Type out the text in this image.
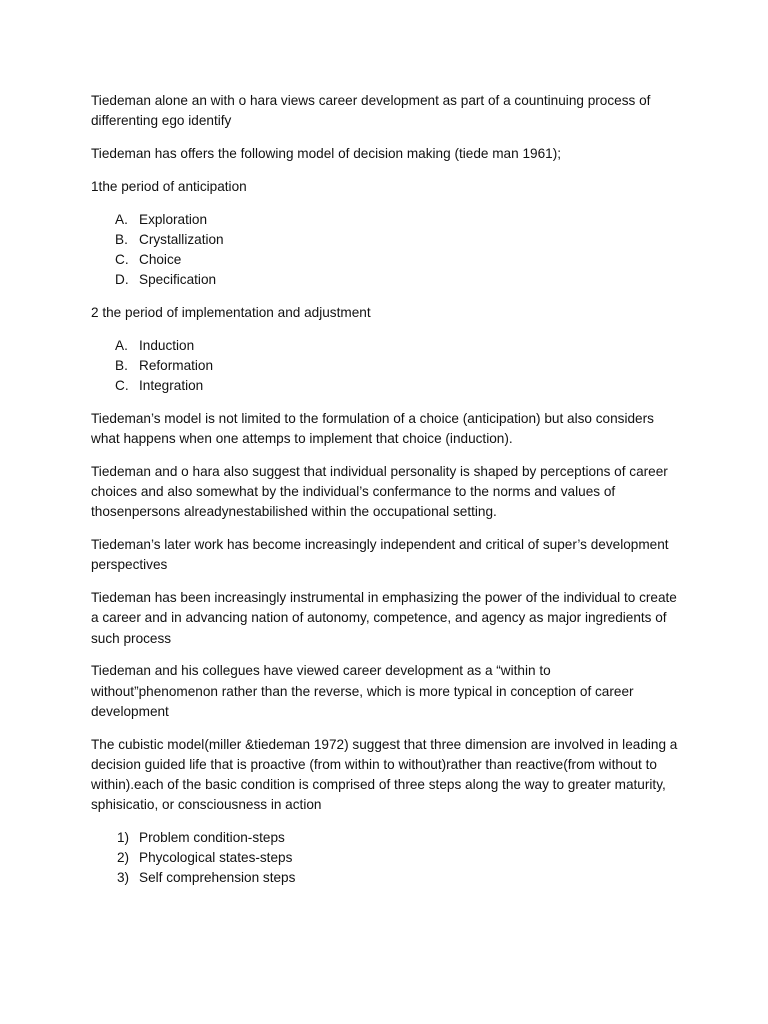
Tiedeman alone an with o hara views career development as part of a countinuing process of differenting ego identify

Tiedeman has offers the following model of decision making (tiede man 1961);

1the period of anticipation

A. Exploration
B. Crystallization
C. Choice
D. Specification

2 the period of implementation and adjustment

A. Induction
B. Reformation
C. Integration

Tiedeman’s model is not limited to the formulation of a choice (anticipation) but also considers what happens when one attemps to implement that choice (induction).

Tiedeman and o hara also suggest that individual personality is shaped by perceptions of career choices and also somewhat by the individual’s confermance to the norms and values of thosenpersons alreadynestabilished within the occupational setting.

Tiedeman’s later work has become increasingly independent and critical of super’s development perspectives

Tiedeman has been increasingly instrumental in emphasizing the power of the individual to create a career and in advancing nation of autonomy, competence, and agency as major ingredients of such process

Tiedeman and his collegues have viewed career development as a “within to without”phenomenon rather than the reverse, which is more typical in conception of career development

The cubistic model(miller &tiedeman 1972) suggest that three dimension are involved in leading a decision guided life that is proactive (from within to without)rather than reactive(from without to within).each of the basic condition is comprised of three steps along the way to greater maturity, sphisicatio, or consciousness in action

1) Problem condition-steps
2) Phycological states-steps
3) Self comprehension steps
